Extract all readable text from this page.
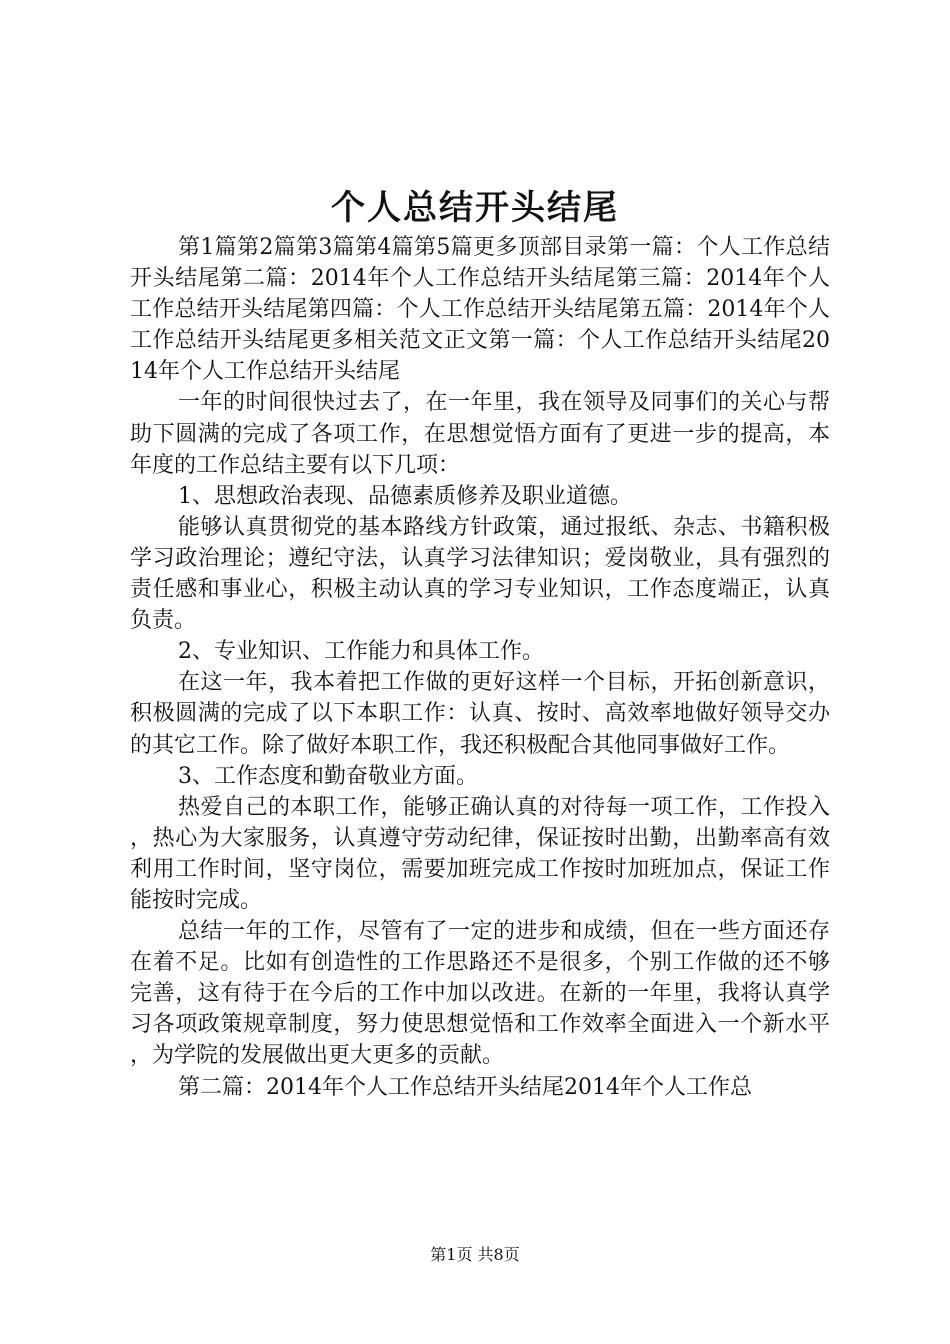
个人总结开头结尾

第1篇第2篇第3篇第4篇第5篇更多顶部目录第一篇：个人工作总结开头结尾第二篇：2014年个人工作总结开头结尾第三篇：2014年个人工作总结开头结尾第四篇：个人工作总结开头结尾第五篇：2014年个人工作总结开头结尾更多相关范文正文第一篇：个人工作总结开头结尾2014年个人工作总结开头结尾

一年的时间很快过去了，在一年里，我在领导及同事们的关心与帮助下圆满的完成了各项工作，在思想觉悟方面有了更进一步的提高，本年度的工作总结主要有以下几项：

1、思想政治表现、品德素质修养及职业道德。

能够认真贯彻党的基本路线方针政策，通过报纸、杂志、书籍积极学习政治理论；遵纪守法，认真学习法律知识；爱岗敬业，具有强烈的责任感和事业心，积极主动认真的学习专业知识，工作态度端正，认真负责。

2、专业知识、工作能力和具体工作。

在这一年，我本着把工作做的更好这样一个目标，开拓创新意识，积极圆满的完成了以下本职工作：认真、按时、高效率地做好领导交办的其它工作。除了做好本职工作，我还积极配合其他同事做好工作。

3、工作态度和勤奋敬业方面。

热爱自己的本职工作，能够正确认真的对待每一项工作，工作投入，热心为大家服务，认真遵守劳动纪律，保证按时出勤，出勤率高有效利用工作时间，坚守岗位，需要加班完成工作按时加班加点，保证工作能按时完成。

总结一年的工作，尽管有了一定的进步和成绩，但在一些方面还存在着不足。比如有创造性的工作思路还不是很多，个别工作做的还不够完善，这有待于在今后的工作中加以改进。在新的一年里，我将认真学习各项政策规章制度，努力使思想觉悟和工作效率全面进入一个新水平，为学院的发展做出更大更多的贡献。

第二篇：2014年个人工作总结开头结尾2014年个人工作总

第1页 共8页
